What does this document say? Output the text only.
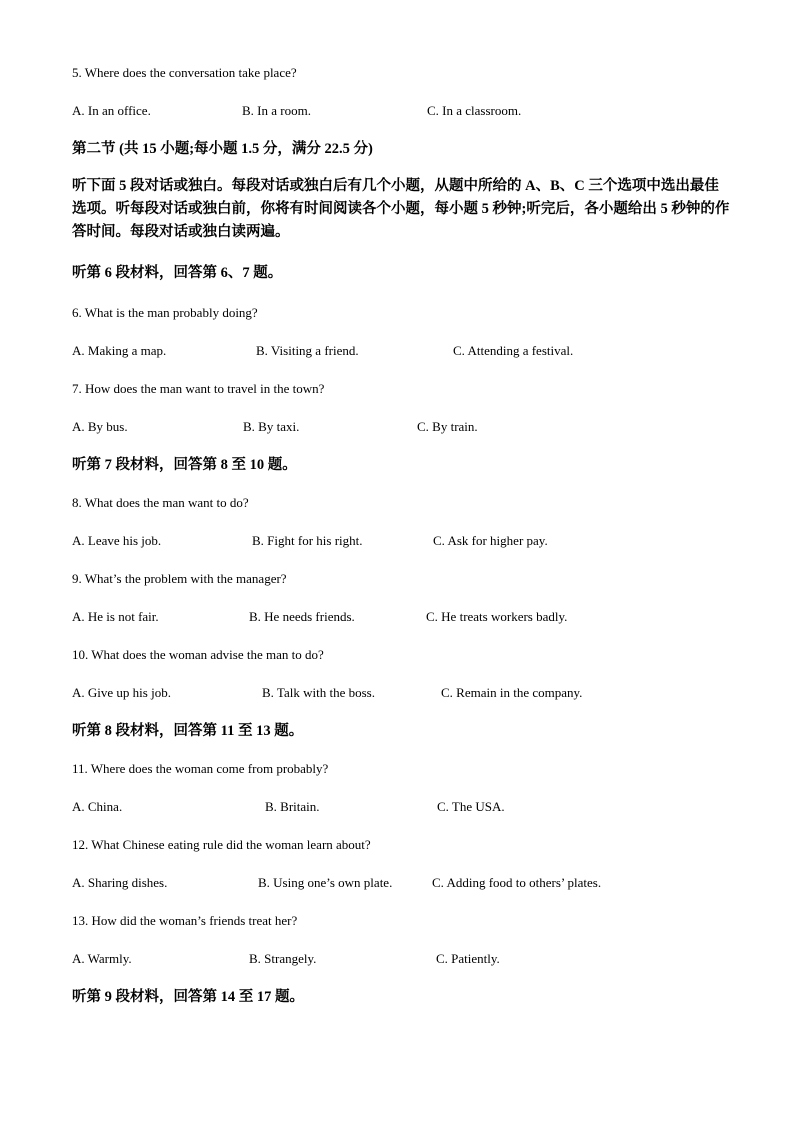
5. Where does the conversation take place?
A. In an office.	B. In a room.	C. In a classroom.
第二节 (共 15 小题;每小题 1.5 分，满分 22.5 分)
听下面 5 段对话或独白。每段对话或独白后有几个小题，从题中所给的 A、B、C 三个选项中选出最佳选项。听每段对话或独白前，你将有时间阅读各个小题，每小题 5 秒钟;听完后，各小题给出 5 秒钟的作答时间。每段对话或独白读两遍。
听第 6 段材料，回答第 6、7 题。
6. What is the man probably doing?
A. Making a map.	B. Visiting a friend.	C. Attending a festival.
7. How does the man want to travel in the town?
A. By bus.	B. By taxi.	C. By train.
听第 7 段材料，回答第 8 至 10 题。
8. What does the man want to do?
A. Leave his job.	B. Fight for his right.	C. Ask for higher pay.
9. What’s the problem with the manager?
A. He is not fair.	B. He needs friends.	C. He treats workers badly.
10. What does the woman advise the man to do?
A. Give up his job.	B. Talk with the boss.	C. Remain in the company.
听第 8 段材料，回答第 11 至 13 题。
11. Where does the woman come from probably?
A. China.	B. Britain.	C. The USA.
12. What Chinese eating rule did the woman learn about?
A. Sharing dishes.	B. Using one’s own plate.	C. Adding food to others’ plates.
13. How did the woman’s friends treat her?
A. Warmly.	B. Strangely.	C. Patiently.
听第 9 段材料，回答第 14 至 17 题。
